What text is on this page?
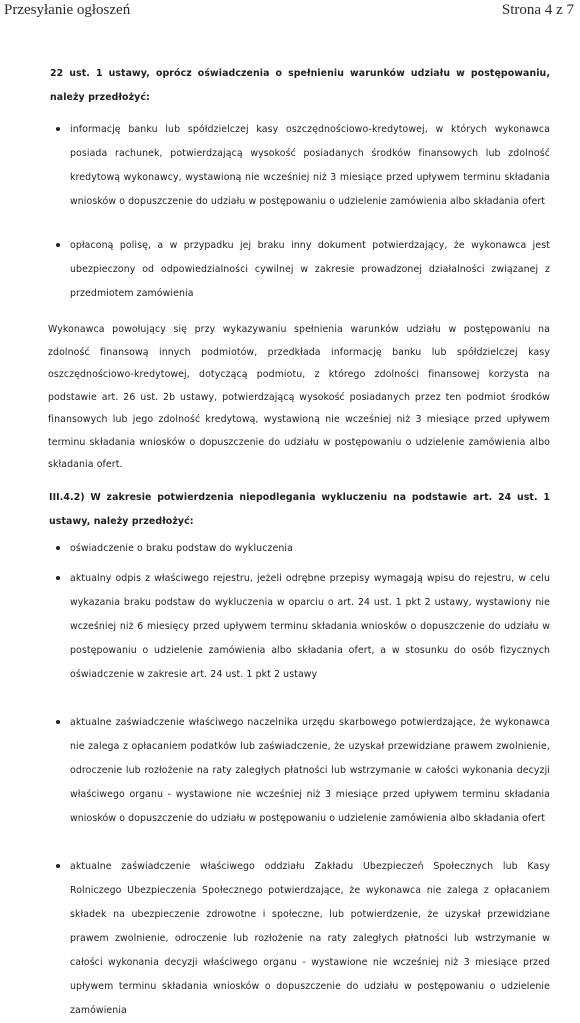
Przesyłanie ogłoszeń	Strona 4 z 7

22 ust. 1 ustawy, oprócz oświadczenia o spełnieniu warunków udziału w postępowaniu, należy przedłożyć:

informację banku lub spółdzielczej kasy oszczędnościowo-kredytowej, w których wykonawca posiada rachunek, potwierdzającą wysokość posiadanych środków finansowych lub zdolność kredytową wykonawcy, wystawioną nie wcześniej niż 3 miesiące przed upływem terminu składania wniosków o dopuszczenie do udziału w postępowaniu o udzielenie zamówienia albo składania ofert
opłaconą polisę, a w przypadku jej braku inny dokument potwierdzający, że wykonawca jest ubezpieczony od odpowiedzialności cywilnej w zakresie prowadzonej działalności związanej z przedmiotem zamówienia

Wykonawca powołujący się przy wykazywaniu spełnienia warunków udziału w postępowaniu na zdolność finansową innych podmiotów, przedkłada informację banku lub spółdzielczej kasy oszczędnościowo-kredytowej, dotyczącą podmiotu, z którego zdolności finansowej korzysta na podstawie art. 26 ust. 2b ustawy, potwierdzającą wysokość posiadanych przez ten podmiot środków finansowych lub jego zdolność kredytową, wystawioną nie wcześniej niż 3 miesiące przed upływem terminu składania wniosków o dopuszczenie do udziału w postępowaniu o udzielenie zamówienia albo składania ofert.

III.4.2) W zakresie potwierdzenia niepodlegania wykluczeniu na podstawie art. 24 ust. 1 ustawy, należy przedłożyć:

oświadczenie o braku podstaw do wykluczenia
aktualny odpis z właściwego rejestru, jeżeli odrębne przepisy wymagają wpisu do rejestru, w celu wykazania braku podstaw do wykluczenia w oparciu o art. 24 ust. 1 pkt 2 ustawy, wystawiony nie wcześniej niż 6 miesięcy przed upływem terminu składania wniosków o dopuszczenie do udziału w postępowaniu o udzielenie zamówienia albo składania ofert, a w stosunku do osób fizycznych oświadczenie w zakresie art. 24 ust. 1 pkt 2 ustawy
aktualne zaświadczenie właściwego naczelnika urzędu skarbowego potwierdzające, że wykonawca nie zalega z opłacaniem podatków lub zaświadczenie, że uzyskał przewidziane prawem zwolnienie, odroczenie lub rozłożenie na raty zaległych płatności lub wstrzymanie w całości wykonania decyzji właściwego organu - wystawione nie wcześniej niż 3 miesiące przed upływem terminu składania wniosków o dopuszczenie do udziału w postępowaniu o udzielenie zamówienia albo składania ofert
aktualne zaświadczenie właściwego oddziału Zakładu Ubezpieczeń Społecznych lub Kasy Rolniczego Ubezpieczenia Społecznego potwierdzające, że wykonawca nie zalega z opłacaniem składek na ubezpieczenie zdrowotne i społeczne, lub potwierdzenie, że uzyskał przewidziane prawem zwolnienie, odroczenie lub rozłożenie na raty zaległych płatności lub wstrzymanie w całości wykonania decyzji właściwego organu - wystawione nie wcześniej niż 3 miesiące przed upływem terminu składania wniosków o dopuszczenie do udziału w postępowaniu o udzielenie zamówienia
